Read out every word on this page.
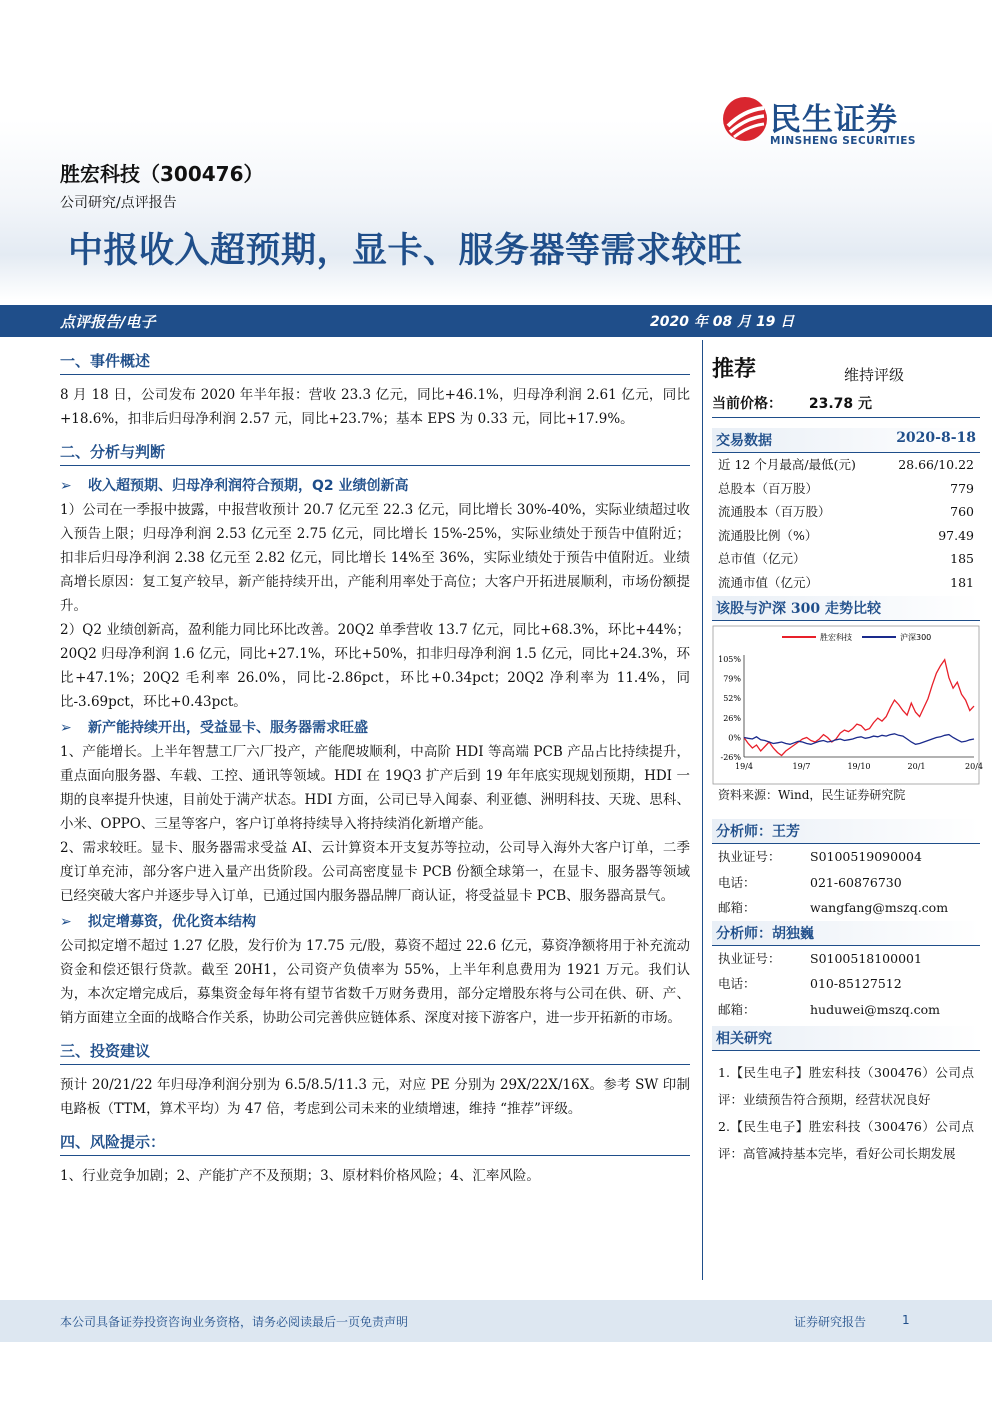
民生证券
MINSHENG SECURITIES
胜宏科技（300476）
公司研究/点评报告
中报收入超预期，显卡、服务器等需求较旺
点评报告/电子	2020 年 08 月 19 日
一、事件概述

8 月 18 日，公司发布 2020 年半年报：营收 23.3 亿元，同比+46.1%，归母净利润 2.61 亿元，同比+18.6%，扣非后归母净利润 2.57 元，同比+23.7%；基本 EPS 为 0.33 元，同比+17.9%。

二、分析与判断
➢ 收入超预期、归母净利润符合预期，Q2 业绩创新高

1）公司在一季报中披露，中报营收预计 20.7 亿元至 22.3 亿元，同比增长 30%-40%，实际业绩超过收入预告上限；归母净利润 2.53 亿元至 2.75 亿元，同比增长 15%-25%，实际业绩处于预告中值附近；扣非后归母净利润 2.38 亿元至 2.82 亿元，同比增长 14%至 36%，实际业绩处于预告中值附近。业绩高增长原因：复工复产较早，新产能持续开出，产能利用率处于高位；大客户开拓进展顺利，市场份额提升。

2）Q2 业绩创新高，盈利能力同比环比改善。20Q2 单季营收 13.7 亿元，同比+68.3%，环比+44%；20Q2 归母净利润 1.6 亿元，同比+27.1%，环比+50%，扣非归母净利润 1.5 亿元，同比+24.3%，环比+47.1%；20Q2 毛利率 26.0%，同比-2.86pct，环比+0.34pct；20Q2 净利率为 11.4%，同比-3.69pct，环比+0.43pct。

➢ 新产能持续开出，受益显卡、服务器需求旺盛

1、产能增长。上半年智慧工厂六厂投产，产能爬坡顺利，中高阶 HDI 等高端 PCB 产品占比持续提升，重点面向服务器、车载、工控、通讯等领域。HDI 在 19Q3 扩产后到 19 年年底实现规划预期，HDI 一期的良率提升快速，目前处于满产状态。HDI 方面，公司已导入闻泰、利亚德、洲明科技、天珑、思科、小米、OPPO、三星等客户，客户订单将持续导入将持续消化新增产能。

2、需求较旺。显卡、服务器需求受益 AI、云计算资本开支复苏等拉动，公司导入海外大客户订单，二季度订单充沛，部分客户进入量产出货阶段。公司高密度显卡 PCB 份额全球第一，在显卡、服务器等领域已经突破大客户并逐步导入订单，已通过国内服务器品牌厂商认证，将受益显卡 PCB、服务器高景气。

➢ 拟定增募资，优化资本结构

公司拟定增不超过 1.27 亿股，发行价为 17.75 元/股，募资不超过 22.6 亿元，募资净额将用于补充流动资金和偿还银行贷款。截至 20H1，公司资产负债率为 55%，上半年利息费用为 1921 万元。我们认为，本次定增完成后，募集资金每年将有望节省数千万财务费用，部分定增股东将与公司在供、研、产、销方面建立全面的战略合作关系，协助公司完善供应链体系、深度对接下游客户，进一步开拓新的市场。

三、投资建议

预计 20/21/22 年归母净利润分别为 6.5/8.5/11.3 元，对应 PE 分别为 29X/22X/16X。参考 SW 印制电路板（TTM，算术平均）为 47 倍，考虑到公司未来的业绩增速，维持 “推荐”评级。

四、风险提示：

1、行业竞争加剧；2、产能扩产不及预期；3、原材料价格风险；4、汇率风险。

推荐	维持评级
当前价格： 23.78 元
交易数据	2020-8-18
近 12 个月最高/最低(元)	28.66/10.22
总股本（百万股）	779
流通股本（百万股）	760
流通股比例（%）	97.49
总市值（亿元）	185
流通市值（亿元）	181
该股与沪深 300 走势比较
胜宏科技	沪深300
105%
79%
52%
26%
0%
-26%
19/4	19/7	19/10	20/1	20/4
资料来源：Wind，民生证券研究院
分析师：王芳
执业证号：	S0100519090004
电话：	021-60876730
邮箱：	wangfang@mszq.com
分析师：胡独巍
执业证号：	S0100518100001
电话：	010-85127512
邮箱：	huduwei@mszq.com
相关研究
1.【民生电子】胜宏科技（300476）公司点评：业绩预告符合预期，经营状况良好
2.【民生电子】胜宏科技（300476）公司点评：高管减持基本完毕，看好公司长期发展
本公司具备证券投资咨询业务资格，请务必阅读最后一页免责声明	证券研究报告	1
